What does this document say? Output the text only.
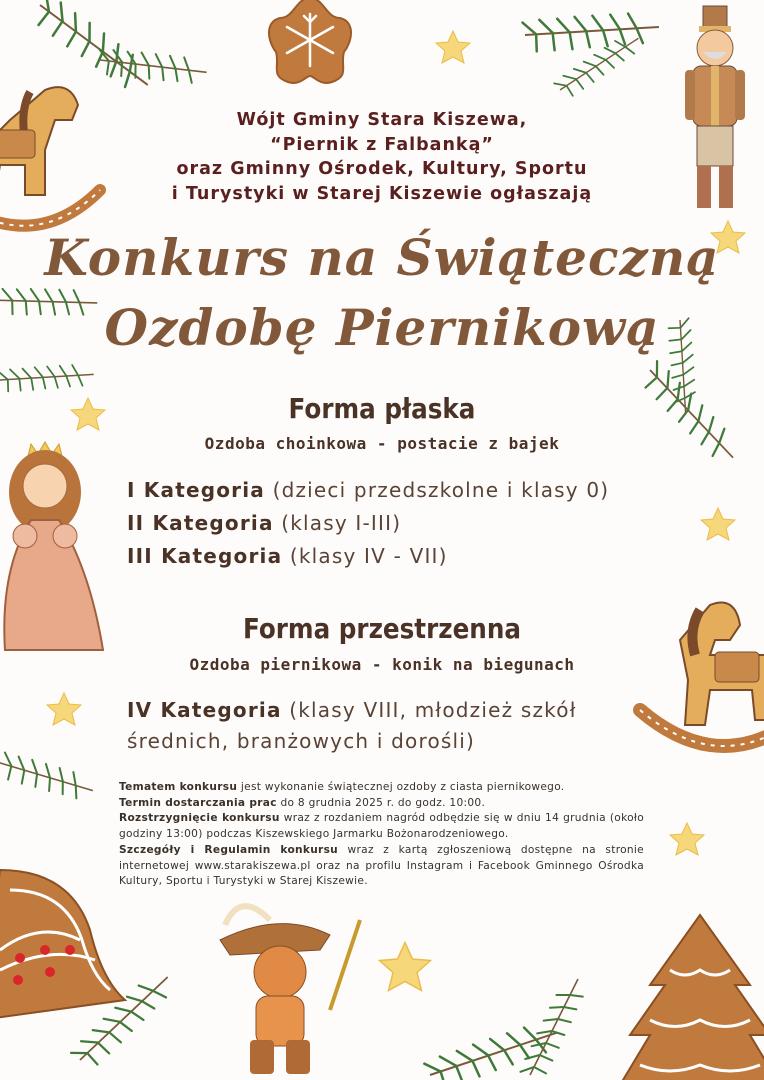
Wójt Gminy Stara Kiszewa,
“Piernik z Falbanką”
oraz Gminny Ośrodek, Kultury, Sportu
i Turystyki w Starej Kiszewie ogłaszają
Konkurs na Świąteczną
Ozdobę Piernikową
Forma płaska
Ozdoba choinkowa - postacie z bajek
I Kategoria (dzieci przedszkolne i klasy 0)
II Kategoria (klasy I-III)
III Kategoria (klasy IV - VII)
Forma przestrzenna
Ozdoba piernikowa - konik na biegunach
IV Kategoria (klasy VIII, młodzież szkół
średnich, branżowych i dorośli)
Tematem konkursu jest wykonanie świątecznej ozdoby z ciasta piernikowego.
Termin dostarczania prac do 8 grudnia 2025 r. do godz. 10:00.
Rozstrzygnięcie konkursu wraz z rozdaniem nagród odbędzie się w dniu 14 grudnia (około godziny 13:00) podczas Kiszewskiego Jarmarku Bożonarodzeniowego.
Szczegóły i Regulamin konkursu wraz z kartą zgłoszeniową dostępne na stronie internetowej www.starakiszewa.pl oraz na profilu Instagram i Facebook Gminnego Ośrodka Kultury, Sportu i Turystyki w Starej Kiszewie.
